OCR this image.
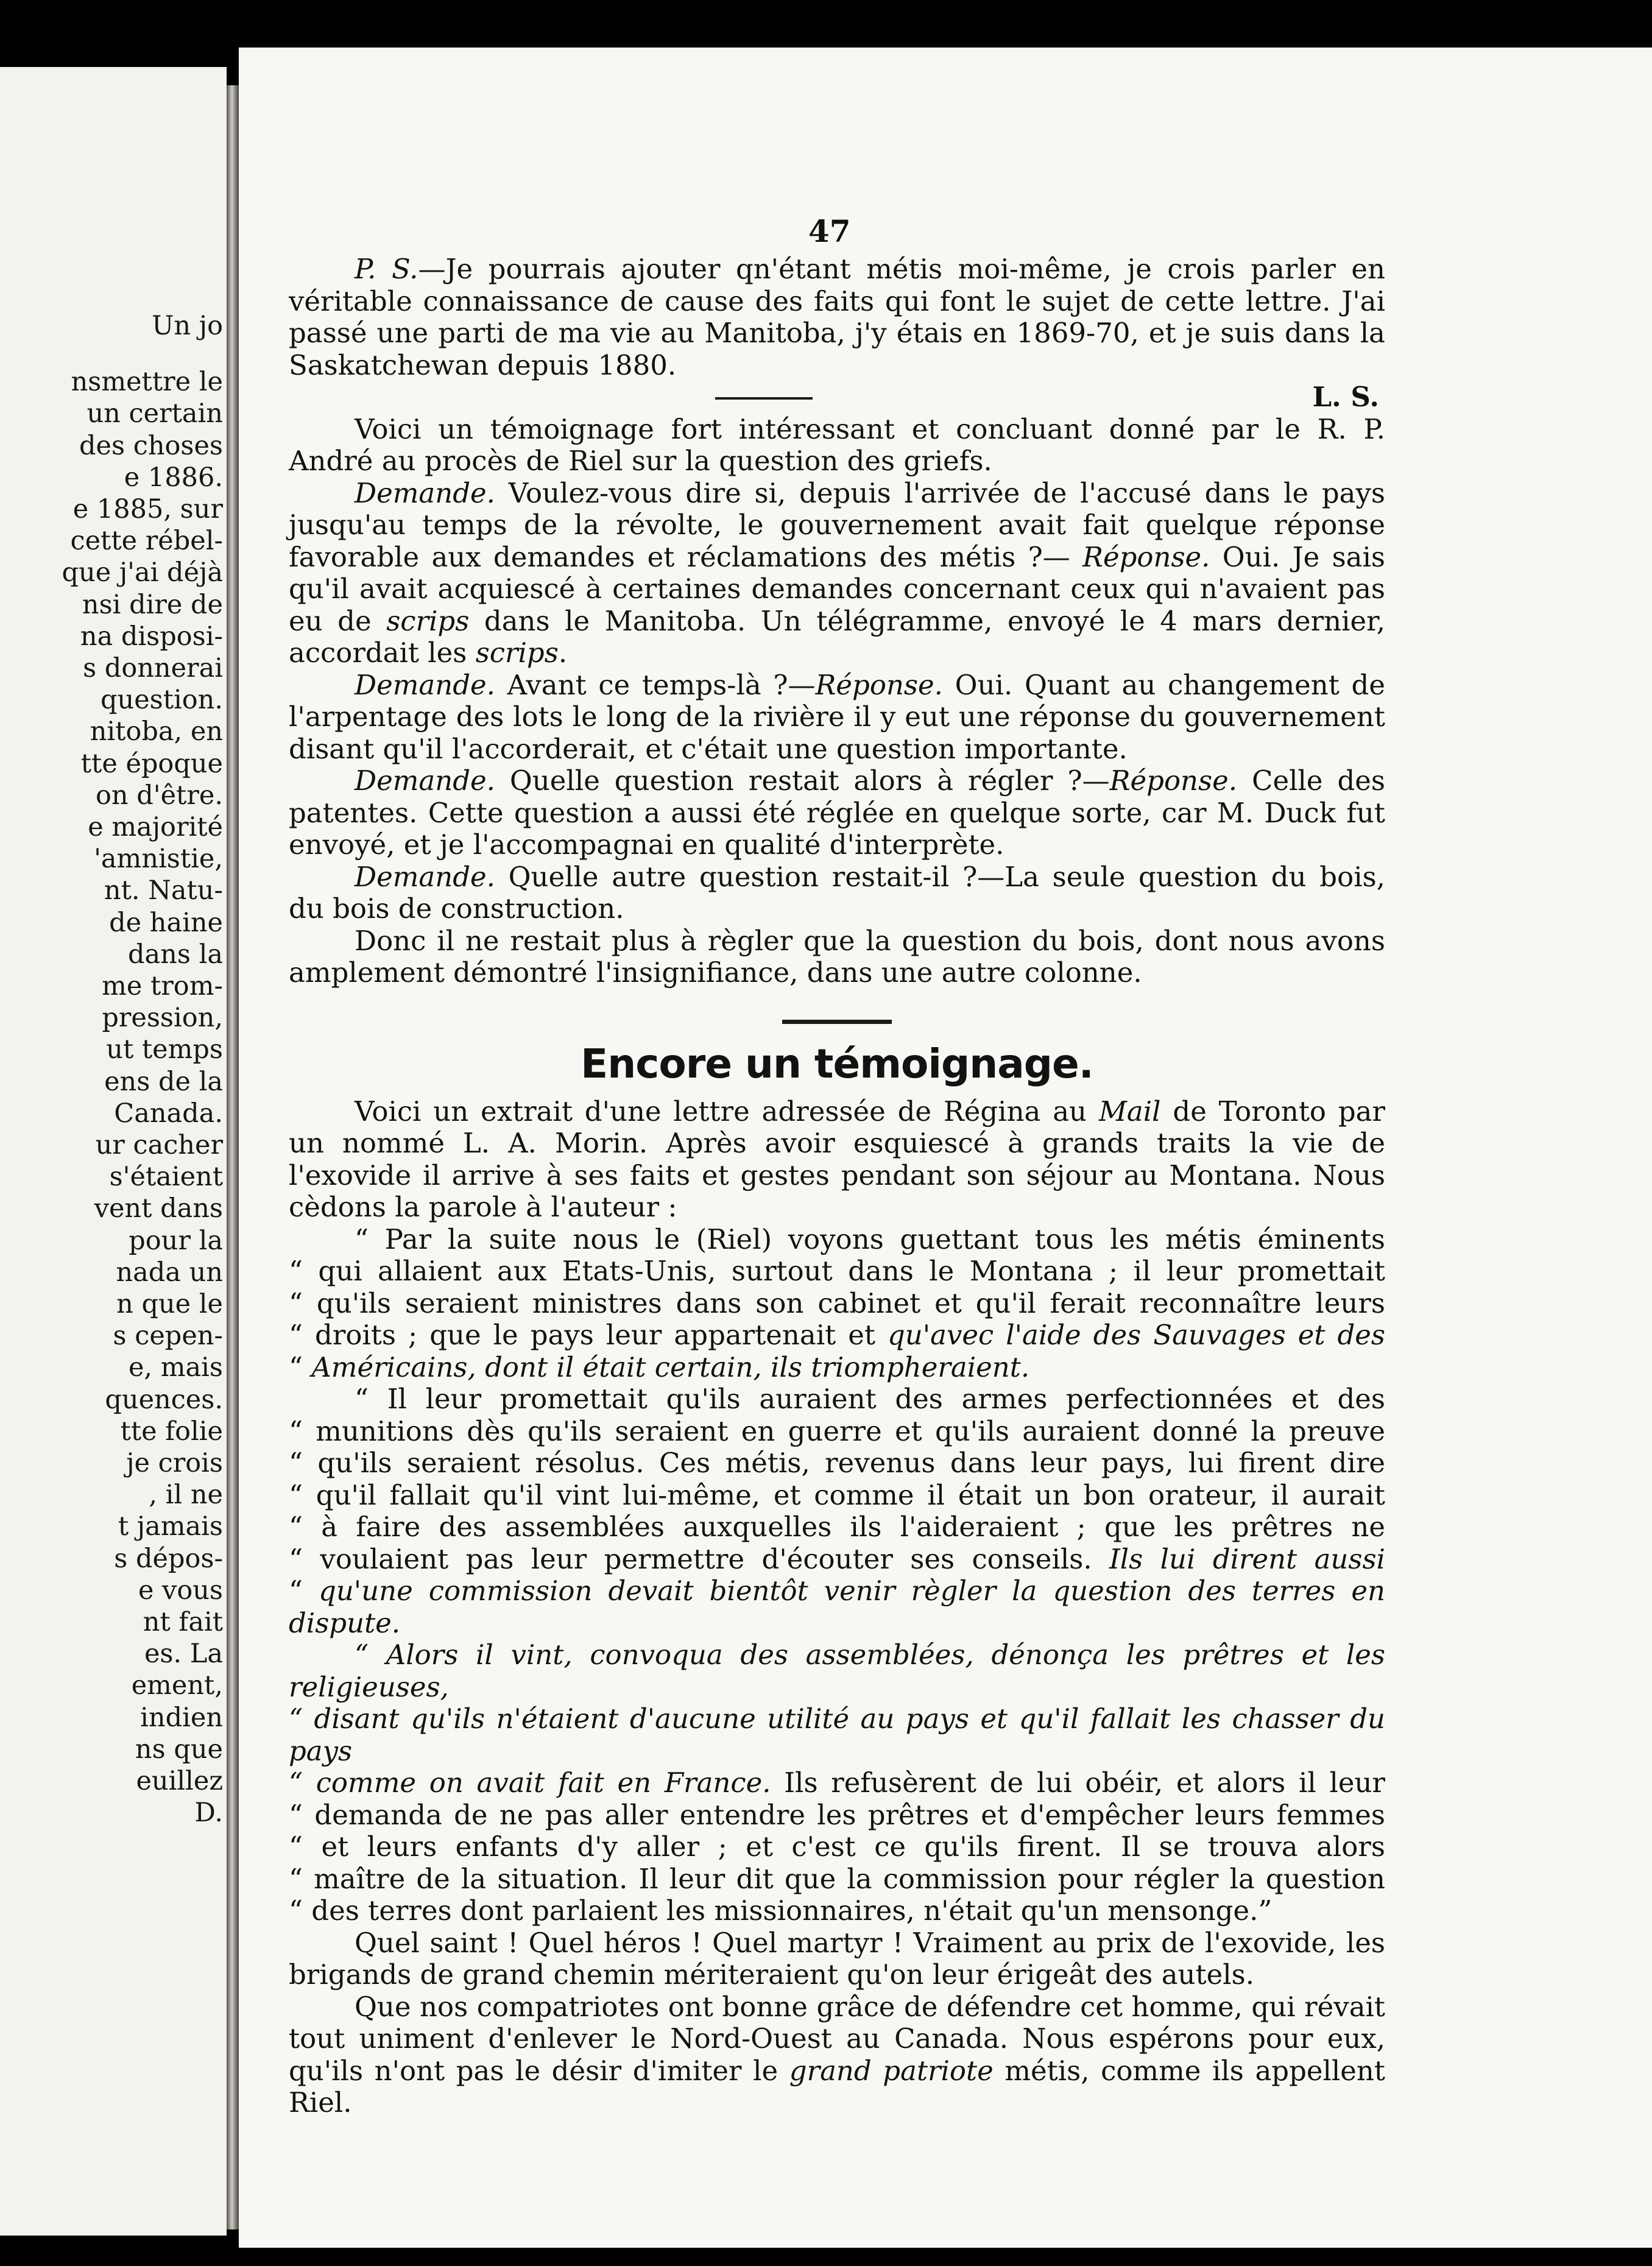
Un jo
nsmettre le
un certain
des choses
e 1886.
e 1885, sur
cette rébel-
que j'ai déjà
nsi dire de
na disposi-
s donnerai
question.
nitoba, en
tte époque
on d'être.
e majorité
'amnistie,
nt. Natu-
de haine
dans la
me trom-
pression,
ut temps
ens de la
Canada.
ur cacher
s'étaient
vent dans
pour la
nada un
n que le
s cepen-
e, mais
quences.
tte folie
je crois
, il ne
t jamais
s dépos-
e vous
nt fait
es. La
ement,
indien
ns que
euillez
D.
47

P. S.—Je pourrais ajouter qn'étant métis moi-même, je crois parler en véritable connaissance de cause des faits qui font le sujet de cette lettre. J'ai passé une parti de ma vie au Manitoba, j'y étais en 1869-70, et je suis dans la Saskatchewan depuis 1880.

L. S.

Voici un témoignage fort intéressant et concluant donné par le R. P. André au procès de Riel sur la question des griefs.

Demande. Voulez-vous dire si, depuis l'arrivée de l'accusé dans le pays jusqu'au temps de la révolte, le gouvernement avait fait quelque réponse favorable aux demandes et réclamations des métis ?— Réponse. Oui. Je sais qu'il avait acquiescé à certaines demandes concernant ceux qui n'avaient pas eu de scrips dans le Manitoba. Un télégramme, envoyé le 4 mars dernier, accordait les scrips.

Demande. Avant ce temps-là ?—Réponse. Oui. Quant au changement de l'arpentage des lots le long de la rivière il y eut une réponse du gouvernement disant qu'il l'accorderait, et c'était une question importante.

Demande. Quelle question restait alors à régler ?—Réponse. Celle des patentes. Cette question a aussi été réglée en quelque sorte, car M. Duck fut envoyé, et je l'accompagnai en qualité d'interprète.

Demande. Quelle autre question restait-il ?—La seule question du bois, du bois de construction.

Donc il ne restait plus à règler que la question du bois, dont nous avons amplement démontré l'insignifiance, dans une autre colonne.

Encore un témoignage.

Voici un extrait d'une lettre adressée de Régina au Mail de Toronto par un nommé L. A. Morin. Après avoir esquiescé à grands traits la vie de l'exovide il arrive à ses faits et gestes pendant son séjour au Montana. Nous cèdons la parole à l'auteur :

“ Par la suite nous le (Riel) voyons guettant tous les métis éminents

“ qui allaient aux Etats-Unis, surtout dans le Montana ; il leur promettait

“ qu'ils seraient ministres dans son cabinet et qu'il ferait reconnaître leurs

“ droits ; que le pays leur appartenait et qu'avec l'aide des Sauvages et des

“ Américains, dont il était certain, ils triompheraient.

“ Il leur promettait qu'ils auraient des armes perfectionnées et des

“ munitions dès qu'ils seraient en guerre et qu'ils auraient donné la preuve

“ qu'ils seraient résolus. Ces métis, revenus dans leur pays, lui firent dire

“ qu'il fallait qu'il vint lui-même, et comme il était un bon orateur, il aurait

“ à faire des assemblées auxquelles ils l'aideraient ; que les prêtres ne

“ voulaient pas leur permettre d'écouter ses conseils. Ils lui dirent aussi

“ qu'une commission devait bientôt venir règler la question des terres en dispute.

“ Alors il vint, convoqua des assemblées, dénonça les prêtres et les religieuses,

“ disant qu'ils n'étaient d'aucune utilité au pays et qu'il fallait les chasser du pays

“ comme on avait fait en France. Ils refusèrent de lui obéir, et alors il leur

“ demanda de ne pas aller entendre les prêtres et d'empêcher leurs femmes

“ et leurs enfants d'y aller ; et c'est ce qu'ils firent. Il se trouva alors

“ maître de la situation. Il leur dit que la commission pour régler la question

“ des terres dont parlaient les missionnaires, n'était qu'un mensonge.”

Quel saint ! Quel héros ! Quel martyr ! Vraiment au prix de l'exovide, les brigands de grand chemin mériteraient qu'on leur érigeât des autels.

Que nos compatriotes ont bonne grâce de défendre cet homme, qui révait tout uniment d'enlever le Nord-Ouest au Canada. Nous espérons pour eux, qu'ils n'ont pas le désir d'imiter le grand patriote métis, comme ils appellent Riel.
